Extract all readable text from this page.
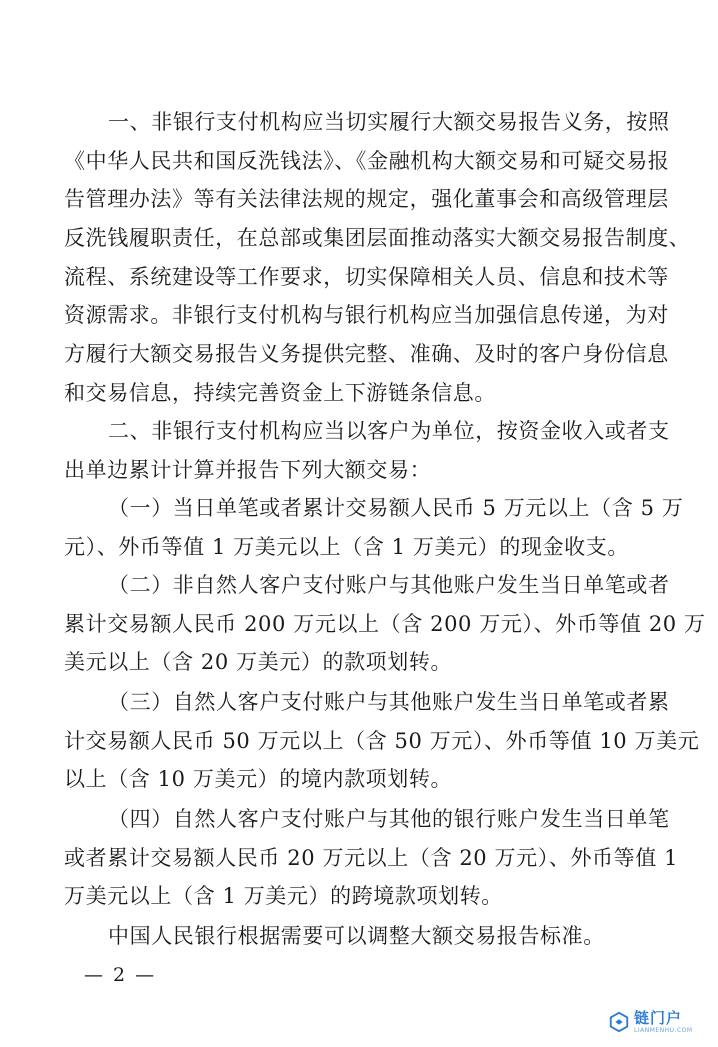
一、非银行支付机构应当切实履行大额交易报告义务，按照
《中华人民共和国反洗钱法》、《金融机构大额交易和可疑交易报
告管理办法》等有关法律法规的规定，强化董事会和高级管理层
反洗钱履职责任，在总部或集团层面推动落实大额交易报告制度、
流程、系统建设等工作要求，切实保障相关人员、信息和技术等
资源需求。非银行支付机构与银行机构应当加强信息传递，为对
方履行大额交易报告义务提供完整、准确、及时的客户身份信息
和交易信息，持续完善资金上下游链条信息。

二、非银行支付机构应当以客户为单位，按资金收入或者支
出单边累计计算并报告下列大额交易：

（一）当日单笔或者累计交易额人民币 5 万元以上（含 5 万
元）、外币等值 1 万美元以上（含 1 万美元）的现金收支。

（二）非自然人客户支付账户与其他账户发生当日单笔或者
累计交易额人民币 200 万元以上（含 200 万元）、外币等值 20 万
美元以上（含 20 万美元）的款项划转。

（三）自然人客户支付账户与其他账户发生当日单笔或者累
计交易额人民币 50 万元以上（含 50 万元）、外币等值 10 万美元
以上（含 10 万美元）的境内款项划转。

（四）自然人客户支付账户与其他的银行账户发生当日单笔
或者累计交易额人民币 20 万元以上（含 20 万元）、外币等值 1
万美元以上（含 1 万美元）的跨境款项划转。

中国人民银行根据需要可以调整大额交易报告标准。

— 2 —
链门户
LIANMENHU.COM
